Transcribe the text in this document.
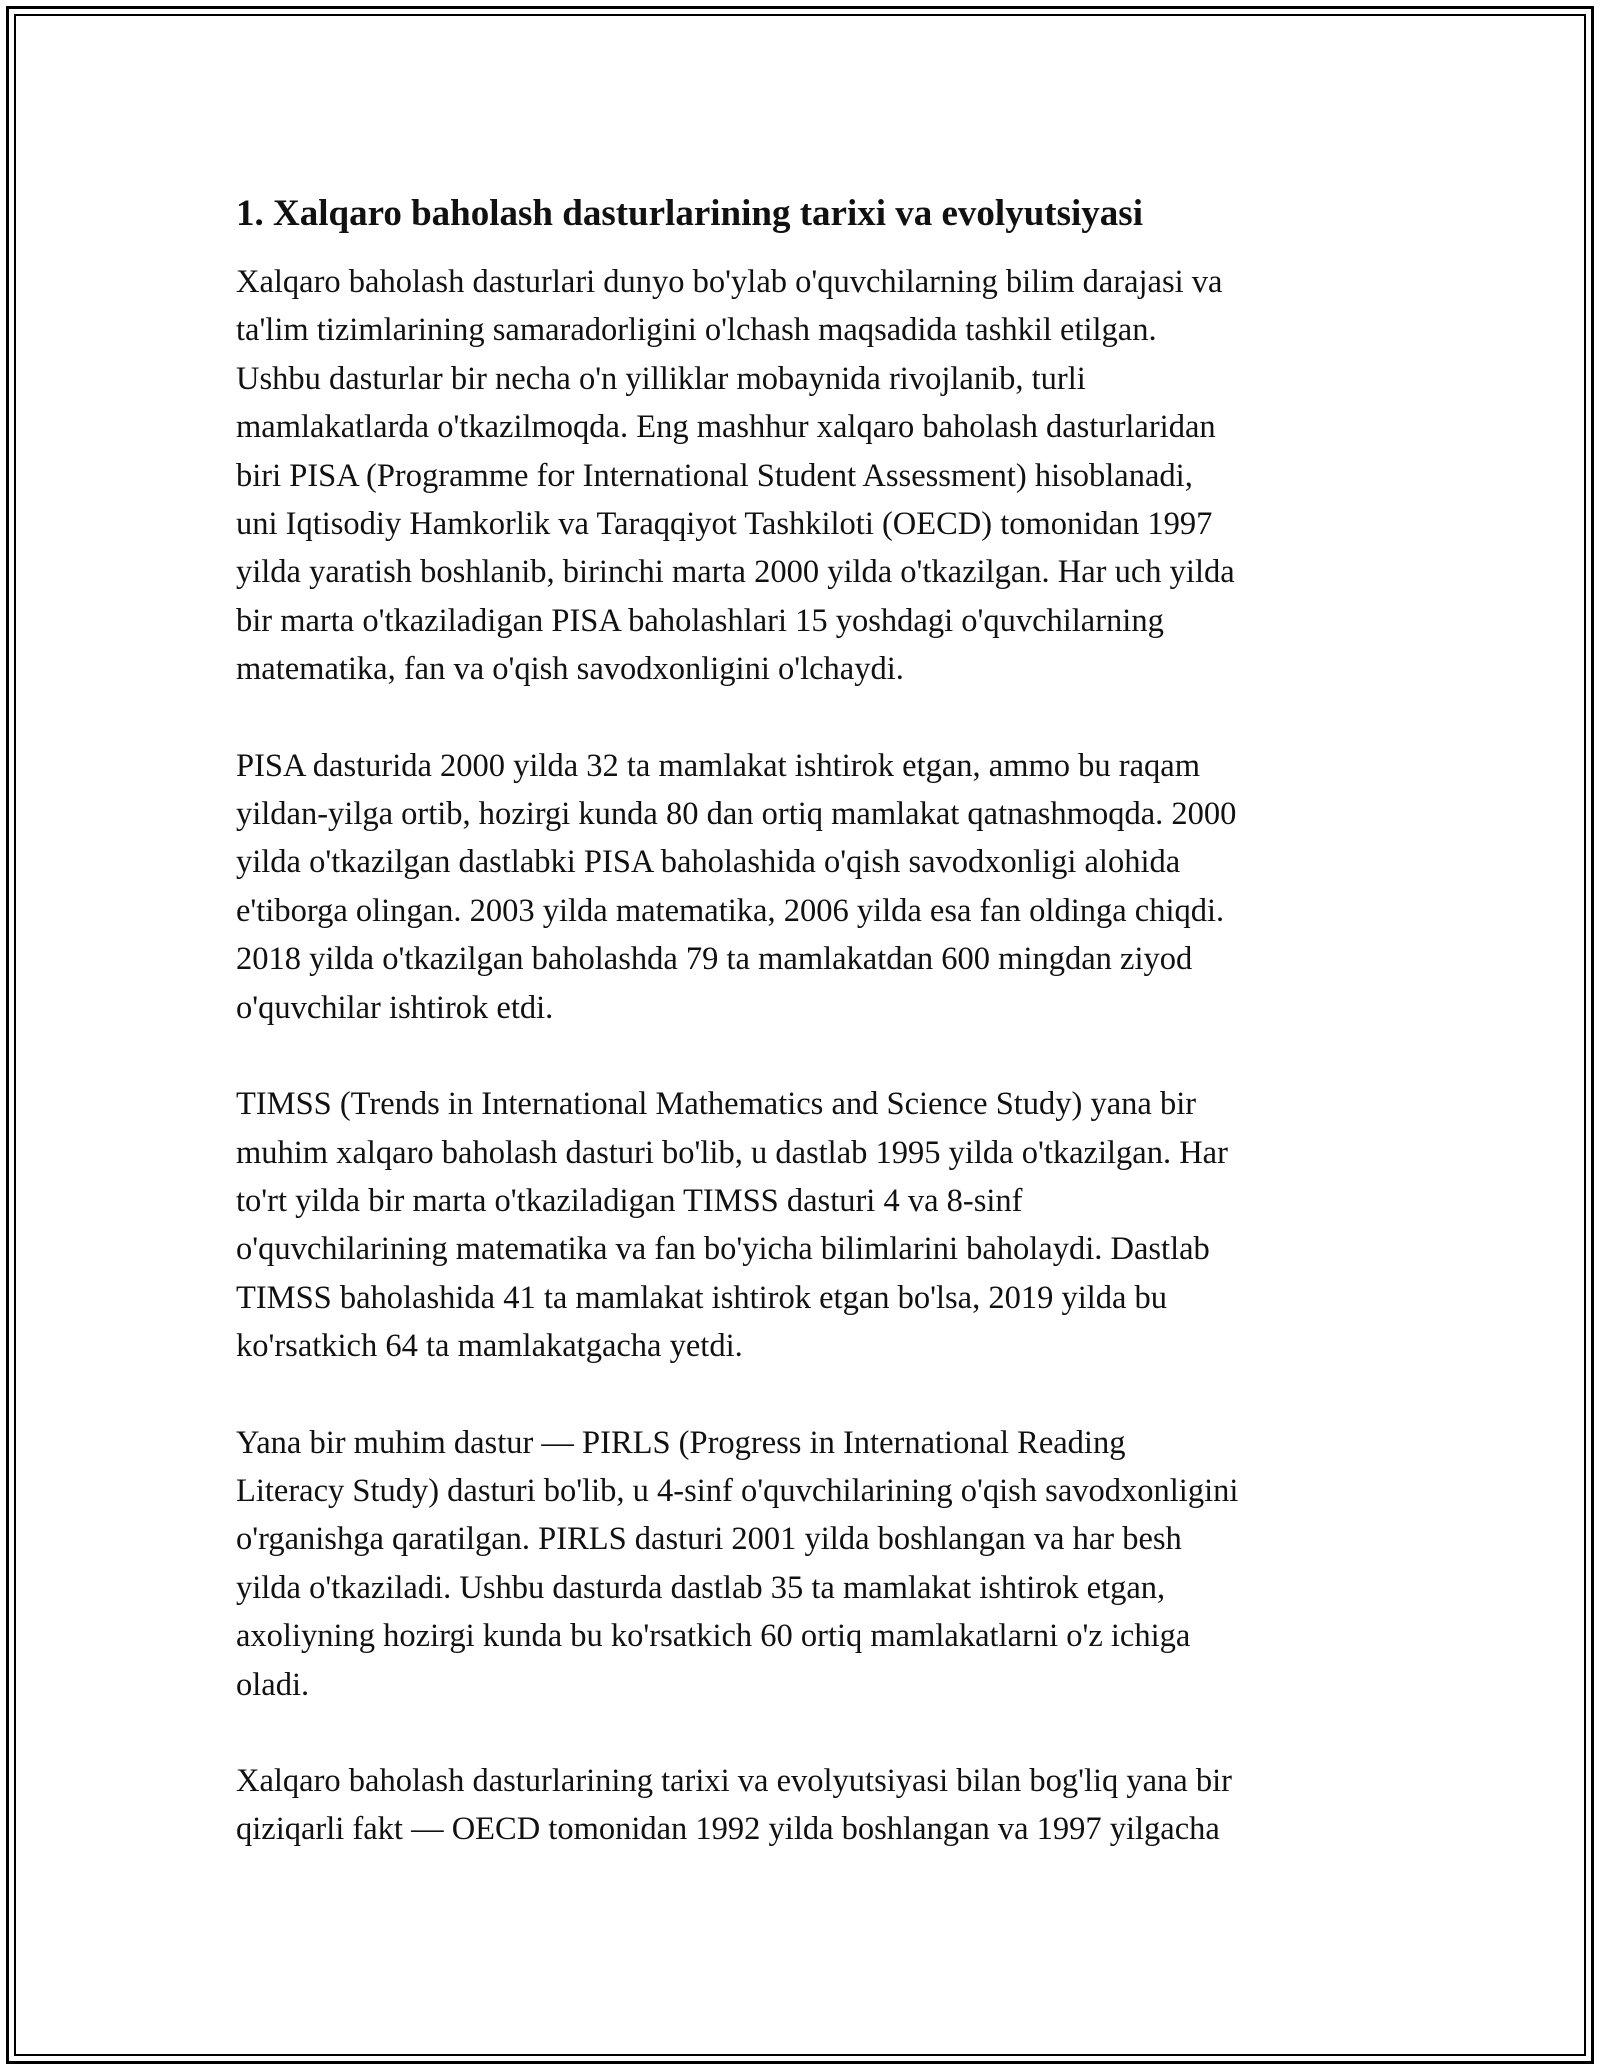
1. Xalqaro baholash dasturlarining tarixi va evolyutsiyasi

Xalqaro baholash dasturlari dunyo bo'ylab o'quvchilarning bilim darajasi va
ta'lim tizimlarining samaradorligini o'lchash maqsadida tashkil etilgan.
Ushbu dasturlar bir necha o'n yilliklar mobaynida rivojlanib, turli
mamlakatlarda o'tkazilmoqda. Eng mashhur xalqaro baholash dasturlaridan
biri PISA (Programme for International Student Assessment) hisoblanadi,
uni Iqtisodiy Hamkorlik va Taraqqiyot Tashkiloti (OECD) tomonidan 1997
yilda yaratish boshlanib, birinchi marta 2000 yilda o'tkazilgan. Har uch yilda
bir marta o'tkaziladigan PISA baholashlari 15 yoshdagi o'quvchilarning
matematika, fan va o'qish savodxonligini o'lchaydi.

PISA dasturida 2000 yilda 32 ta mamlakat ishtirok etgan, ammo bu raqam
yildan-yilga ortib, hozirgi kunda 80 dan ortiq mamlakat qatnashmoqda. 2000
yilda o'tkazilgan dastlabki PISA baholashida o'qish savodxonligi alohida
e'tiborga olingan. 2003 yilda matematika, 2006 yilda esa fan oldinga chiqdi.
2018 yilda o'tkazilgan baholashda 79 ta mamlakatdan 600 mingdan ziyod
o'quvchilar ishtirok etdi.

TIMSS (Trends in International Mathematics and Science Study) yana bir
muhim xalqaro baholash dasturi bo'lib, u dastlab 1995 yilda o'tkazilgan. Har
to'rt yilda bir marta o'tkaziladigan TIMSS dasturi 4 va 8-sinf
o'quvchilarining matematika va fan bo'yicha bilimlarini baholaydi. Dastlab
TIMSS baholashida 41 ta mamlakat ishtirok etgan bo'lsa, 2019 yilda bu
ko'rsatkich 64 ta mamlakatgacha yetdi.

Yana bir muhim dastur — PIRLS (Progress in International Reading
Literacy Study) dasturi bo'lib, u 4-sinf o'quvchilarining o'qish savodxonligini
o'rganishga qaratilgan. PIRLS dasturi 2001 yilda boshlangan va har besh
yilda o'tkaziladi. Ushbu dasturda dastlab 35 ta mamlakat ishtirok etgan,
axoliyning hozirgi kunda bu ko'rsatkich 60 ortiq mamlakatlarni o'z ichiga
oladi.

Xalqaro baholash dasturlarining tarixi va evolyutsiyasi bilan bog'liq yana bir
qiziqarli fakt — OECD tomonidan 1992 yilda boshlangan va 1997 yilgacha
